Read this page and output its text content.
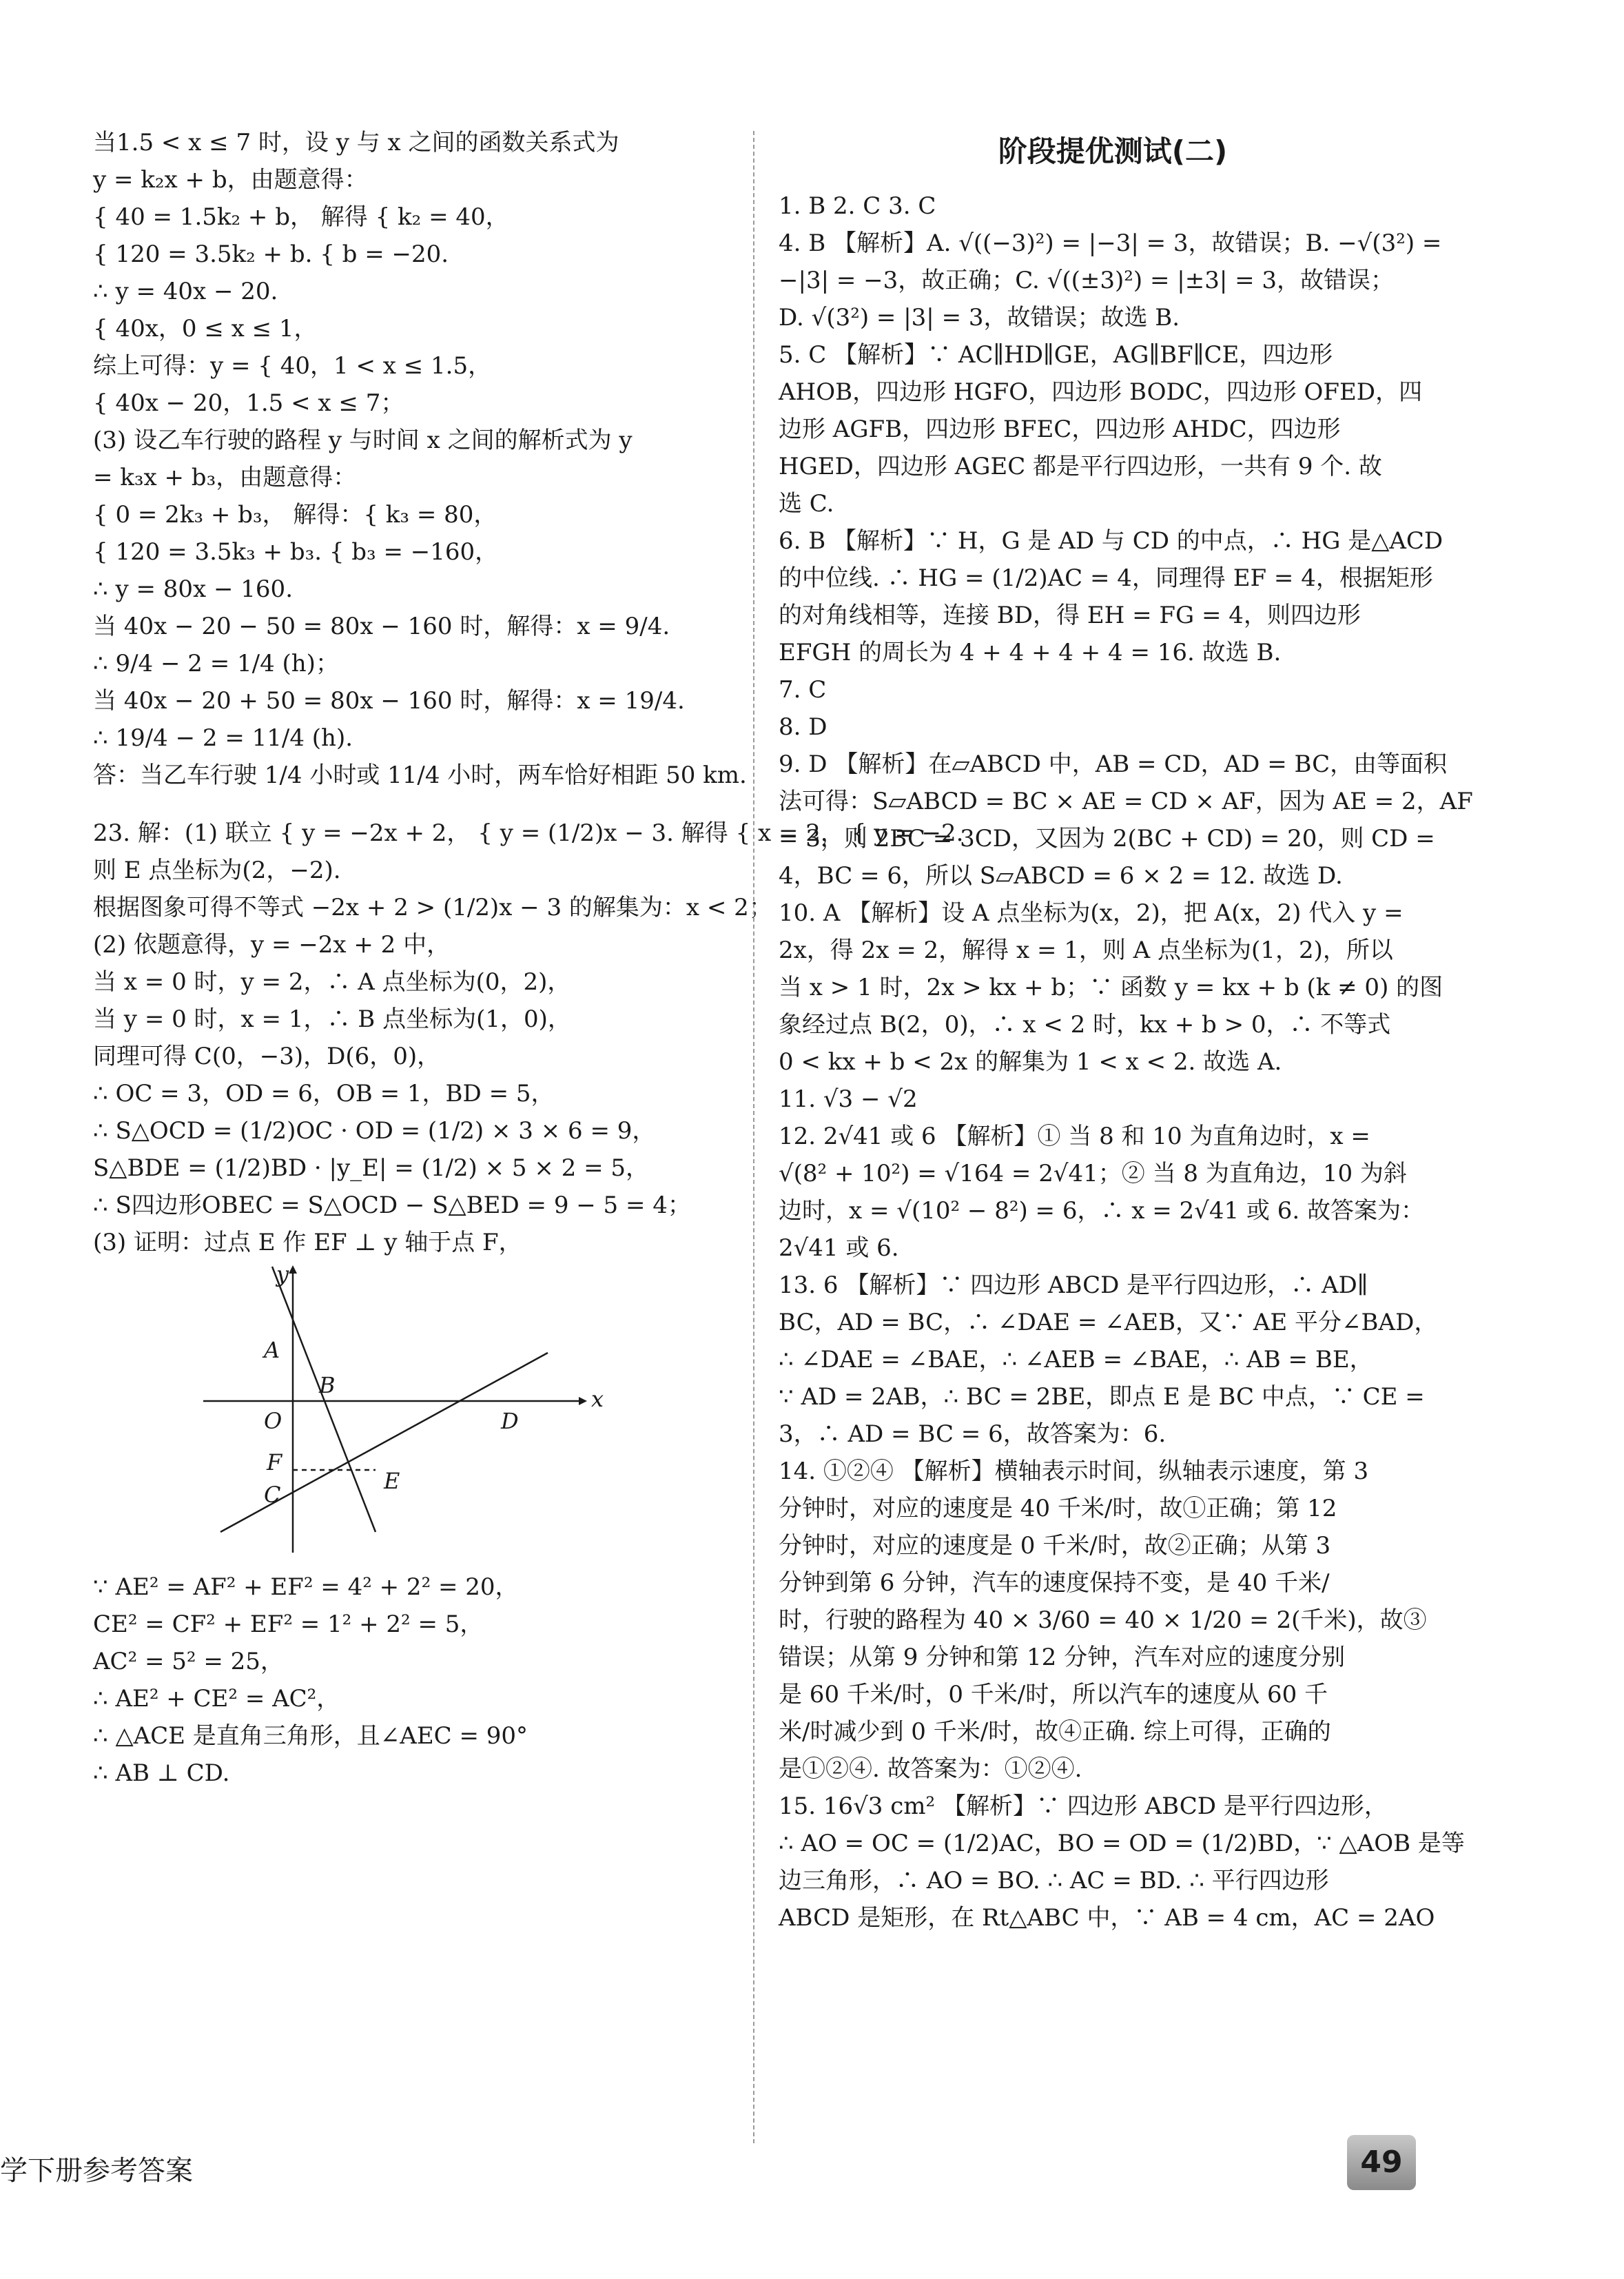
当1.5 < x ≤ 7 时，设 y 与 x 之间的函数关系式为
y = k₂x + b，由题意得：
{ 40 = 1.5k₂ + b， 解得 { k₂ = 40，
{ 120 = 3.5k₂ + b. { b = −20.
∴ y = 40x − 20.
{ 40x，0 ≤ x ≤ 1，
综上可得：y = { 40，1 < x ≤ 1.5，
{ 40x − 20，1.5 < x ≤ 7；
(3) 设乙车行驶的路程 y 与时间 x 之间的解析式为 y
= k₃x + b₃，由题意得：
{ 0 = 2k₃ + b₃， 解得：{ k₃ = 80，
{ 120 = 3.5k₃ + b₃. { b₃ = −160，
∴ y = 80x − 160.
当 40x − 20 − 50 = 80x − 160 时，解得：x = 9/4.
∴ 9/4 − 2 = 1/4 (h)；
当 40x − 20 + 50 = 80x − 160 时，解得：x = 19/4.
∴ 19/4 − 2 = 11/4 (h).
答：当乙车行驶 1/4 小时或 11/4 小时，两车恰好相距 50 km.
23. 解：(1) 联立 { y = −2x + 2， { y = (1/2)x − 3. 解得 { x = 2， { y = −2.
则 E 点坐标为(2，−2).
根据图象可得不等式 −2x + 2 > (1/2)x − 3 的解集为：x < 2；
(2) 依题意得，y = −2x + 2 中，
当 x = 0 时，y = 2，∴ A 点坐标为(0，2)，
当 y = 0 时，x = 1，∴ B 点坐标为(1，0)，
同理可得 C(0，−3)，D(6，0)，
∴ OC = 3，OD = 6，OB = 1，BD = 5，
∴ S△OCD = (1/2)OC · OD = (1/2) × 3 × 6 = 9，
S△BDE = (1/2)BD · |y_E| = (1/2) × 5 × 2 = 5，
∴ S四边形OBEC = S△OCD − S△BED = 9 − 5 = 4；
(3) 证明：过点 E 作 EF ⊥ y 轴于点 F，
x
y
A
B
O	D
F
C
E
∵ AE² = AF² + EF² = 4² + 2² = 20，
CE² = CF² + EF² = 1² + 2² = 5，
AC² = 5² = 25，
∴ AE² + CE² = AC²，
∴ △ACE 是直角三角形，且∠AEC = 90°
∴ AB ⊥ CD.
阶段提优测试(二)
1. B 2. C 3. C
4. B 【解析】A. √((−3)²) = |−3| = 3，故错误；B. −√(3²) =
−|3| = −3，故正确；C. √((±3)²) = |±3| = 3，故错误；
D. √(3²) = |3| = 3，故错误；故选 B.
5. C 【解析】∵ AC∥HD∥GE，AG∥BF∥CE，四边形
AHOB，四边形 HGFO，四边形 BODC，四边形 OFED，四
边形 AGFB，四边形 BFEC，四边形 AHDC，四边形
HGED，四边形 AGEC 都是平行四边形，一共有 9 个. 故
选 C.
6. B 【解析】∵ H，G 是 AD 与 CD 的中点，∴ HG 是△ACD
的中位线. ∴ HG = (1/2)AC = 4，同理得 EF = 4，根据矩形
的对角线相等，连接 BD，得 EH = FG = 4，则四边形
EFGH 的周长为 4 + 4 + 4 + 4 = 16. 故选 B.
7. C
8. D
9. D 【解析】在▱ABCD 中，AB = CD，AD = BC，由等面积
法可得：S▱ABCD = BC × AE = CD × AF，因为 AE = 2，AF
= 3，则 2BC = 3CD，又因为 2(BC + CD) = 20，则 CD =
4，BC = 6，所以 S▱ABCD = 6 × 2 = 12. 故选 D.
10. A 【解析】设 A 点坐标为(x，2)，把 A(x，2) 代入 y =
2x，得 2x = 2，解得 x = 1，则 A 点坐标为(1，2)，所以
当 x > 1 时，2x > kx + b；∵ 函数 y = kx + b (k ≠ 0) 的图
象经过点 B(2，0)，∴ x < 2 时，kx + b > 0，∴ 不等式
0 < kx + b < 2x 的解集为 1 < x < 2. 故选 A.
11. √3 − √2
12. 2√41 或 6 【解析】① 当 8 和 10 为直角边时，x =
√(8² + 10²) = √164 = 2√41；② 当 8 为直角边，10 为斜
边时，x = √(10² − 8²) = 6，∴ x = 2√41 或 6. 故答案为：
2√41 或 6.
13. 6 【解析】∵ 四边形 ABCD 是平行四边形，∴ AD∥
BC，AD = BC，∴ ∠DAE = ∠AEB，又∵ AE 平分∠BAD，
∴ ∠DAE = ∠BAE，∴ ∠AEB = ∠BAE，∴ AB = BE，
∵ AD = 2AB，∴ BC = 2BE，即点 E 是 BC 中点，∵ CE =
3，∴ AD = BC = 6，故答案为：6.
14. ①②④ 【解析】横轴表示时间，纵轴表示速度，第 3
分钟时，对应的速度是 40 千米/时，故①正确；第 12
分钟时，对应的速度是 0 千米/时，故②正确；从第 3
分钟到第 6 分钟，汽车的速度保持不变，是 40 千米/
时，行驶的路程为 40 × 3/60 = 40 × 1/20 = 2(千米)，故③
错误；从第 9 分钟和第 12 分钟，汽车对应的速度分别
是 60 千米/时，0 千米/时，所以汽车的速度从 60 千
米/时减少到 0 千米/时，故④正确. 综上可得，正确的
是①②④. 故答案为：①②④.
15. 16√3 cm² 【解析】∵ 四边形 ABCD 是平行四边形，
∴ AO = OC = (1/2)AC，BO = OD = (1/2)BD，∵ △AOB 是等
边三角形，∴ AO = BO. ∴ AC = BD. ∴ 平行四边形
ABCD 是矩形，在 Rt△ABC 中，∵ AB = 4 cm，AC = 2AO
学下册参考答案	49
